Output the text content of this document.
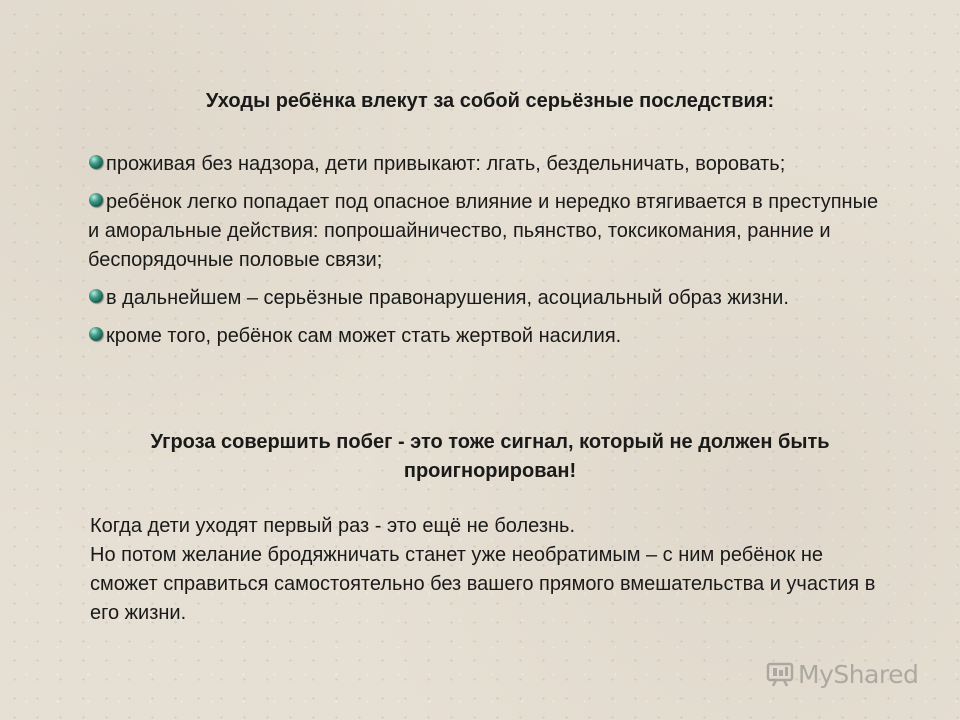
Уходы ребёнка влекут за собой серьёзные последствия:
проживая без надзора, дети привыкают: лгать, бездельничать, воровать;
ребёнок легко попадает под опасное влияние и нередко втягивается в преступные и аморальные действия: попрошайничество, пьянство, токсикомания, ранние и беспорядочные половые связи;
в дальнейшем – серьёзные правонарушения, асоциальный образ жизни.
кроме того, ребёнок сам может стать жертвой насилия.
Угроза совершить побег - это тоже сигнал, который не должен быть проигнорирован!

Когда дети уходят первый раз - это ещё не болезнь.
Но потом желание бродяжничать станет уже необратимым – с ним ребёнок не сможет справиться самостоятельно без вашего прямого вмешательства и участия в его жизни.

MyShared
